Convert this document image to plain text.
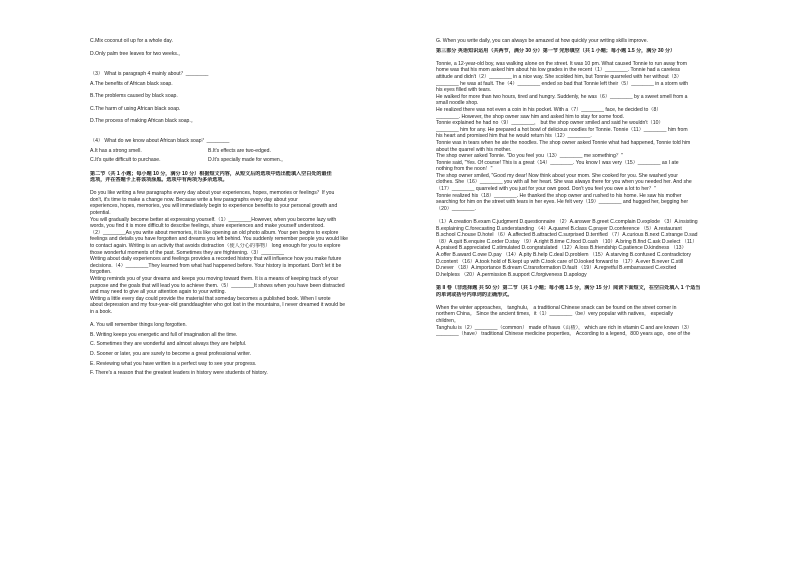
C.Mix coconut oil up for a whole day.
D.Only palm tree leaves for two weeks.。
（3） What is paragraph 4 mainly about？________
A.The benefits of African black soap.
B.The problems caused by black soap.
C.The harm of using African black soap.
D.The process of making African black soap.。
（4） What do we know about African black soap？________
A.It has a strong smell.	B.It's effects are two-edged.
C.It's quite difficult to purchase.	D.It's specially made for women.。
第二节（共 1 小题；每小题 10 分，满分 10 分）根据短文内容，从短文后的选项中选出能填入空白处的最佳
选项，并在答题卡上将该项涂黑。选项中有两项为多余选项。
Do you like writing a few paragraphs every day about your experiences, hopes, memories or feelings？If you
don't, it's time to make a change now. Because write a few paragraphs every day about your
experiences, hopes, memories, you will immediately begin to experience benefits to your personal growth and
potential.
You will gradually become better at expressing yourself.（1）________However, when you become lazy with
words, you find it is more difficult to describe feelings, share experiences and make yourself understood.
（2）________As you write about memories, it is like opening an old photo album. Your pen begins to explore
feelings and details you have forgotten and dreams you left behind. You suddenly remember people you would like
to contact again. Writing is an activity that avoids distraction（使人分心的事物） long enough for you to explore
those wonderful moments of the past. Sometimes they are frightening.（3）________
Writing about daily experiences and feelings provides a recorded history that will influence how you make future
decisions.（4）________They learned from what had happened before. Your history is important. Don't let it be
forgotten.
Writing reminds you of your dreams and keeps you moving toward them. It is a means of keeping track of your
purpose and the goals that will lead you to achieve them.（5）________It shows when you have been distracted
and may need to give all your attention again to your writing.
Writing a little every day could provide the material that someday becomes a published book. When I wrote
about depression and my four-year-old granddaughter who got lost in the mountains, I never dreamed it would be
in a book.
A. You will remember things long forgotten.
B. Writing keeps you energetic and full of imagination all the time.
C. Sometimes they are wonderful and almost always they are helpful.
D. Sooner or later, you are surely to become a great professional writer.
E. Reviewing what you have written is a perfect way to see your progress.
F. There's a reason that the greatest leaders in history were students of history.
G. When you write daily, you can always be amazed at how quickly your writing skills improve.
第三部分 英语知识运用（共两节，满分 30 分）第一节 完形填空（共 1 小题；每小题 1.5 分，满分 30 分）
Tonnie, a 12-year-old boy, was walking alone on the street. It was 10 pm. What caused Tonnie to run away from
home was that his mom asked him about his low grades in the recent（1）________. Tonnie had a careless
attitude and didn't（2）________ in a nice way. She scolded him, but Tonnie quarreled with her without（3）
________ he was at fault. The（4）________ ended so bad that Tonnie left their（5）________ in a storm with
his eyes filled with tears.
He walked for more than two hours, tired and hungry. Suddenly, he was（6）________ by a sweet smell from a
small noodle shop.
He realized there was not even a coin in his pocket. With a（7）________ face, he decided to（8）
________. However, the shop owner saw him and asked him to stay for some food.
Tonnie explained he had no（9）________， but the shop owner smiled and said he wouldn't（10）
________ him for any. He prepared a hot bowl of delicious noodles for Tonnie. Tonnie（11）________ him from
his heart and promised him that he would return his（12）________.
Tonnie was in tears when he ate the noodles. The shop owner asked Tonnie what had happened, Tonnie told him
about the quarrel with his mother.
The shop owner asked Tonnie. "Do you feel you（13）________ me something？"
Tonnie said, "Yes. Of course! This is a great（14）________. You know I was very（15）________ as I ate
nothing from the noon！"
The shop owner smiled, "Good my dear! Now think about your mom. She cooked for you. She washed your
clothes. She（16）________ you with all her heart. She was always there for you when you needed her. And she
（17）________ quarreled with you just for your own good. Don't you feel you owe a lot to her？"
Tonnie realized his（18）________. He thanked the shop owner and rushed to his home. He saw his mother
searching for him on the street with tears in her eyes. He felt very（19）________ and hugged her, begging her
（20）________.
（1）A.creation B.exam C.judgment D.questionnaire （2）A.answer B.greet C.complain D.explode （3）A.insisting
B.explaining C.forecasting D.understanding （4）A.quarrel B.class C.prayer D.conference （5）A.restaurant
B.school C.house D.hotel （6）A.affected B.attracted C.surprised D.terrified （7）A.curious B.next C.strange D.sad
（8）A.quit B.enquire C.order D.stay （9）A.right B.time C.food D.cash （10）A.bring B.find C.ask D.select （11）
A.praised B.appreciated C.stimulated D.congratulated （12）A.loss B.friendship C.patience D.kindness （13）
A.offer B.award C.owe D.pay （14）A.pity B.help C.deal D.problem （15）A.starving B.confused C.contradictory
D.content （16）A.took hold of B.kept up with C.took care of D.looked forward to （17）A.ever B.never C.still
D.never （18）A.importance B.dream C.transformation D.fault （19）A.regretful B.embarrassed C.excited
D.helpless （20）A.permission B.support C.forgiveness D.apology
第 II 卷（非选择题 共 50 分）第二节（共 1 小题；每小题 1.5 分，满分 15 分）阅读下面短文，在空白处填入 1 个适当
的单词或括号内单词的正确形式。
When the winter approaches， tanghulu， a traditional Chinese snack can be found on the street corner in
northern China。 Since the ancient times，it（1）________（be）very popular with natives， especially
children。
Tanghulu is（2）________（common） made of haws（山楂）， which are rich in vitamin C and are known（3）
________（have） traditional Chinese medicine properties。 According to a legend，800 years ago，one of the
